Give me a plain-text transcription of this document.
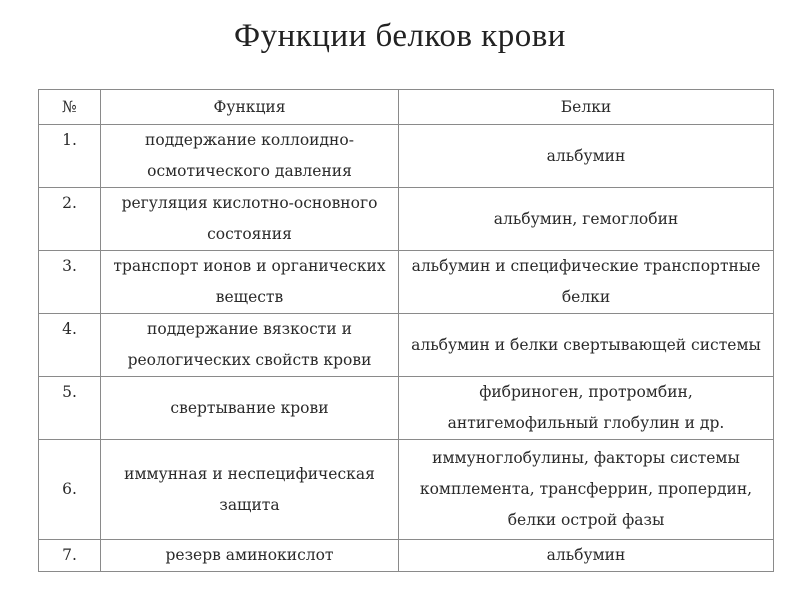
Функции белков крови
№	Функция	Белки
1.	поддержание коллоидно-осмотического давления	альбумин
2.	регуляция кислотно-основного состояния	альбумин, гемоглобин
3.	транспорт ионов и органических веществ	альбумин и специфические транспортные белки
4.	поддержание вязкости и реологических свойств крови	альбумин и белки свертывающей системы
5.	свертывание крови	фибриноген, протромбин, антигемофильный глобулин и др.
6.	иммунная и неспецифическая защита	иммуноглобулины, факторы системы комплемента, трансферрин, пропердин, белки острой фазы
7.	резерв аминокислот	альбумин
